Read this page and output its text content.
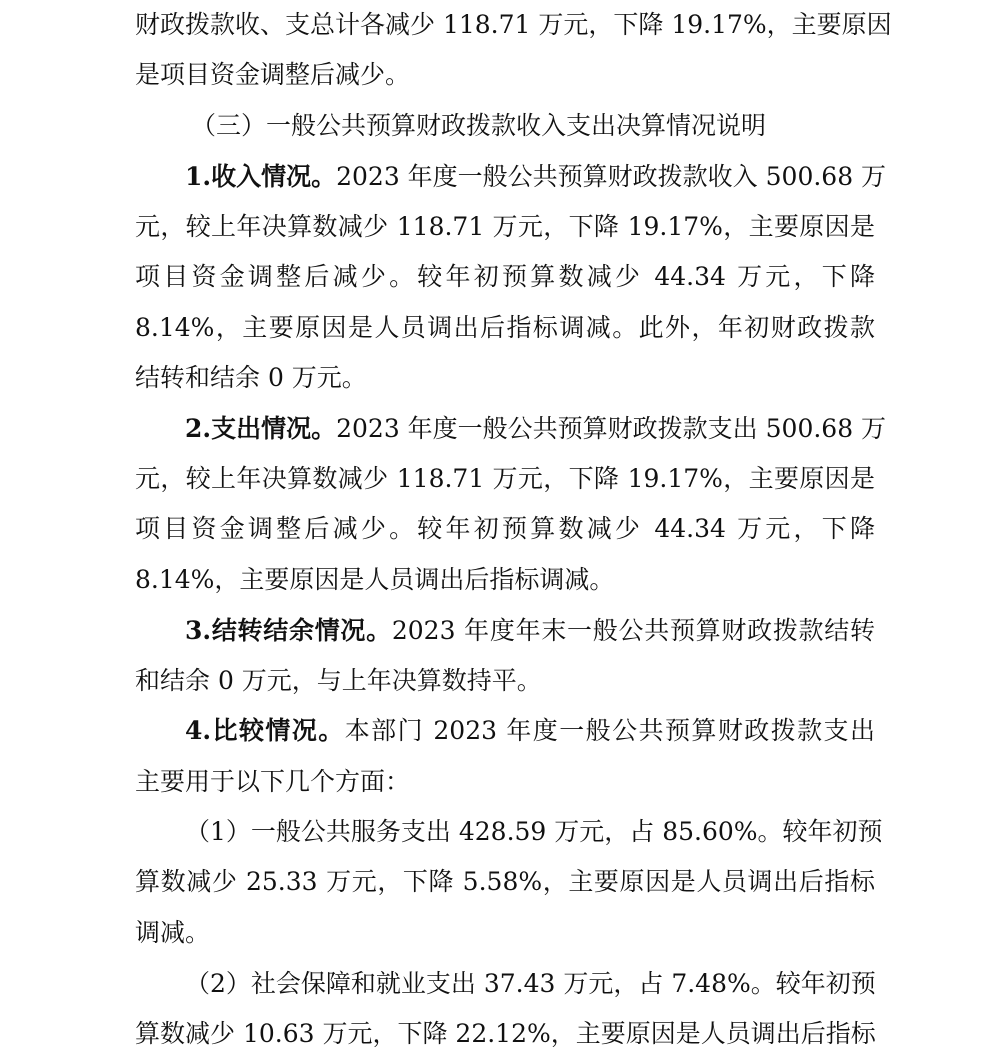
财政拨款收、支总计各减少 118.71 万元，下降 19.17%，主要原因
是项目资金调整后减少。
（三）一般公共预算财政拨款收入支出决算情况说明
1.收入情况。2023 年度一般公共预算财政拨款收入 500.68 万
元，较上年决算数减少 118.71 万元，下降 19.17%，主要原因是
项目资金调整后减少。较年初预算数减少 44.34 万元，下降
8.14%，主要原因是人员调出后指标调减。此外，年初财政拨款
结转和结余 0 万元。
2.支出情况。2023 年度一般公共预算财政拨款支出 500.68 万
元，较上年决算数减少 118.71 万元，下降 19.17%，主要原因是
项目资金调整后减少。较年初预算数减少 44.34 万元，下降
8.14%，主要原因是人员调出后指标调减。
3.结转结余情况。2023 年度年末一般公共预算财政拨款结转
和结余 0 万元，与上年决算数持平。
4.比较情况。本部门 2023 年度一般公共预算财政拨款支出
主要用于以下几个方面：
（1）一般公共服务支出 428.59 万元，占 85.60%。较年初预
算数减少 25.33 万元，下降 5.58%，主要原因是人员调出后指标
调减。
（2）社会保障和就业支出 37.43 万元，占 7.48%。较年初预
算数减少 10.63 万元，下降 22.12%，主要原因是人员调出后指标
